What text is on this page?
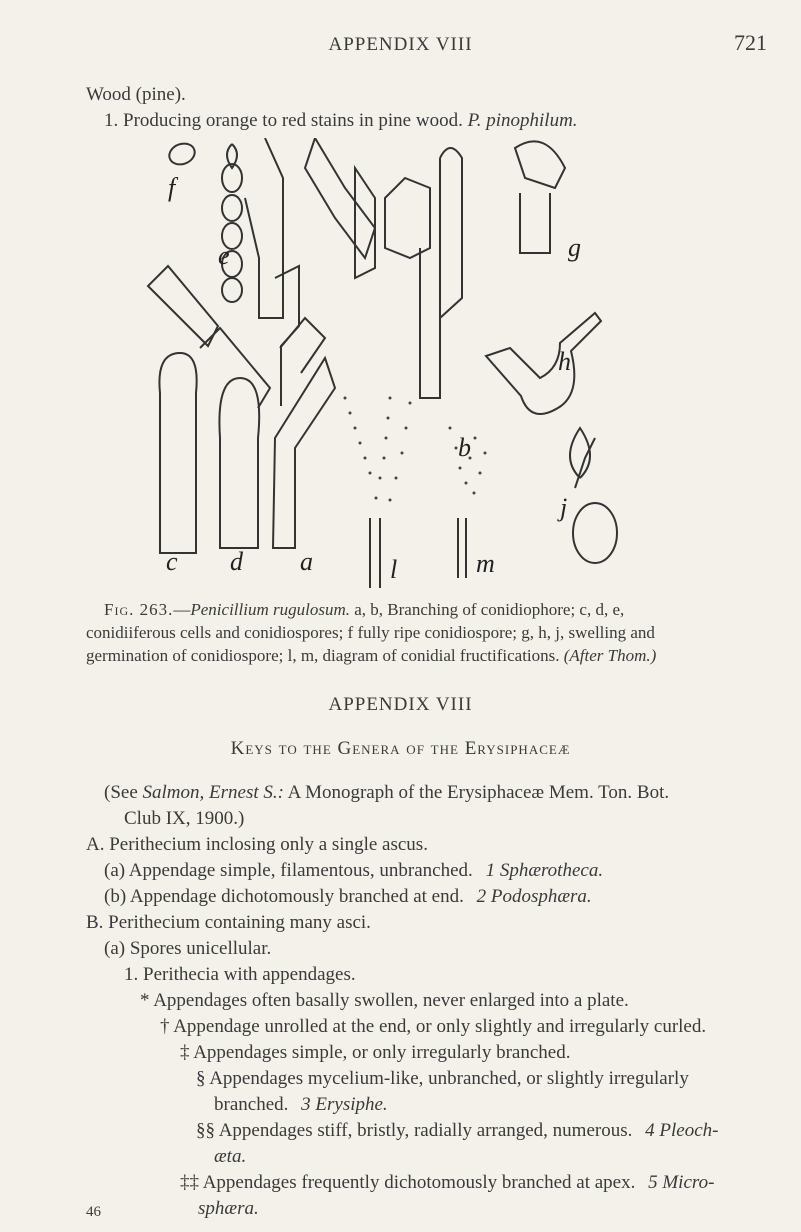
APPENDIX VIII	721
Wood (pine).
1. Producing orange to red stains in pine wood. P. pinophilum.
f
e	g
h
j
b
c d a	l	m
Fig. 263.—Penicillium rugulosum. a, b, Branching of conidiophore; c, d, e,
conidiiferous cells and conidiospores; f fully ripe conidiospore; g, h, j, swelling and
germination of conidiospore; l, m, diagram of conidial fructifications. (After Thom.)
APPENDIX VIII
Keys to the Genera of the Erysiphaceæ
(See Salmon, Ernest S.: A Monograph of the Erysiphaceæ Mem. Ton. Bot.
Club IX, 1900.)
A. Perithecium inclosing only a single ascus.
(a) Appendage simple, filamentous, unbranched. 1 Sphærotheca.
(b) Appendage dichotomously branched at end. 2 Podosphæra.
B. Perithecium containing many asci.
(a) Spores unicellular.
1. Perithecia with appendages.
* Appendages often basally swollen, never enlarged into a plate.
† Appendage unrolled at the end, or only slightly and irregularly curled.
‡ Appendages simple, or only irregularly branched.
§ Appendages mycelium-like, unbranched, or slightly irregularly
branched. 3 Erysiphe.
§§ Appendages stiff, bristly, radially arranged, numerous. 4 Pleoch-
æta.
‡‡ Appendages frequently dichotomously branched at apex. 5 Micro-
sphæra.
46
